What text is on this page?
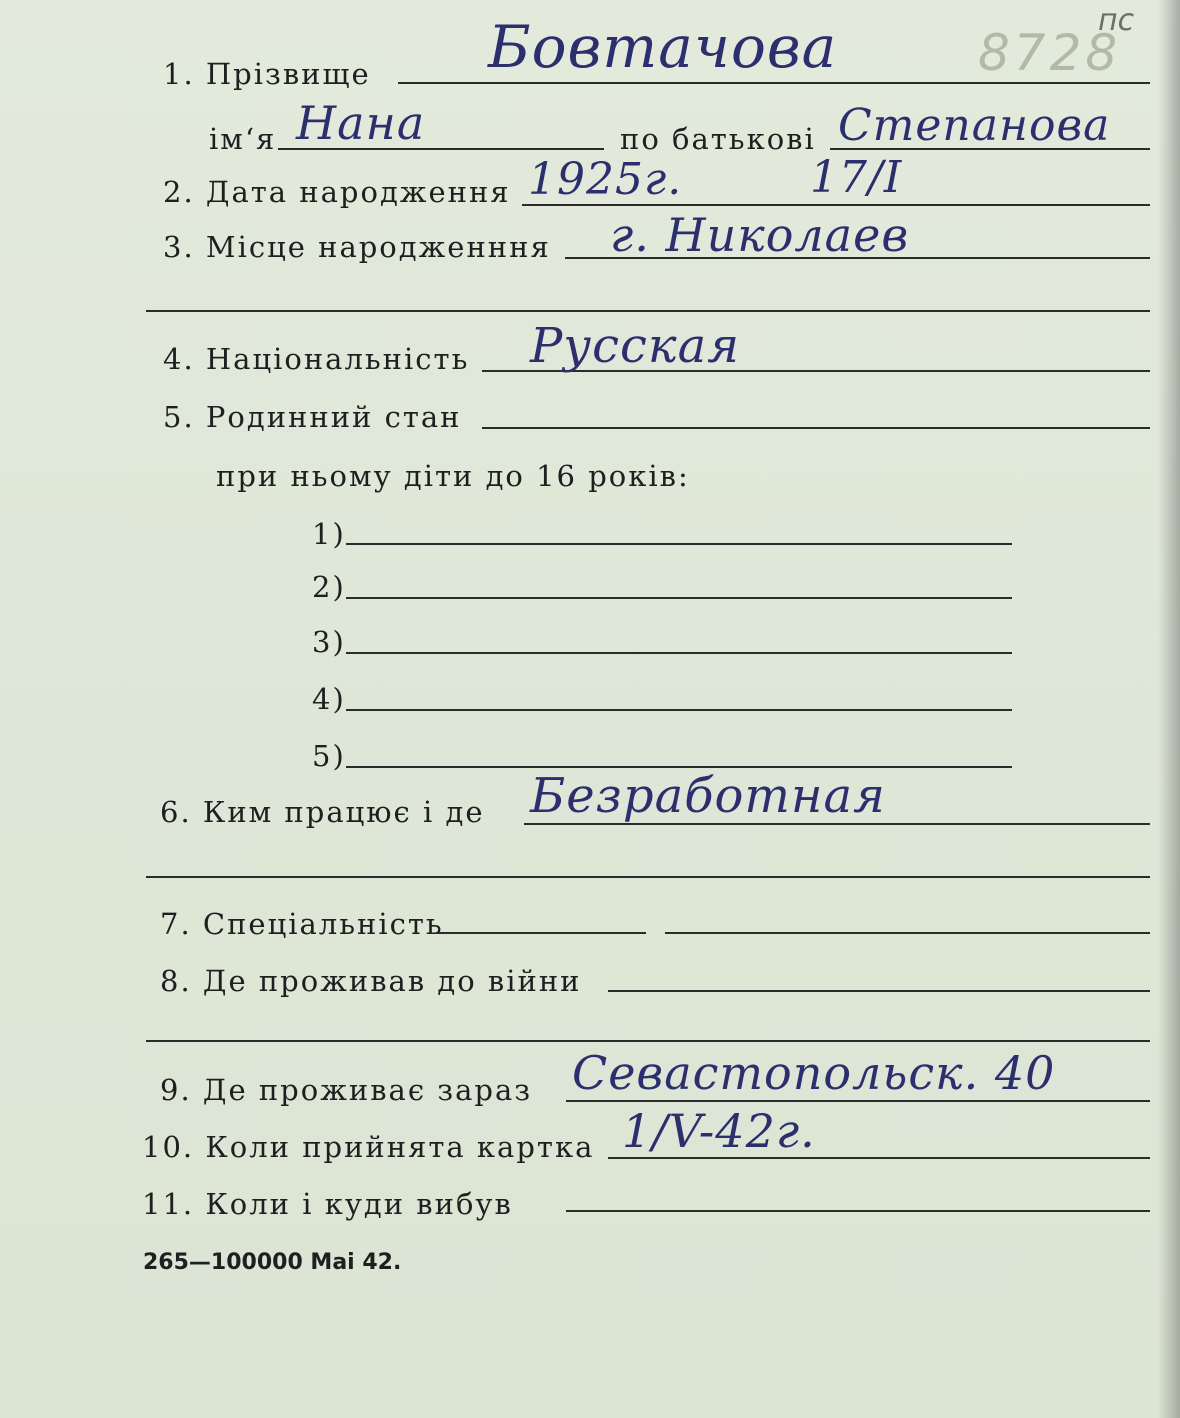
8728
пс
1. Прізвище Бовтачова
ім‘я Нана	по батькові Степанова
2. Дата народження 1925г.	17/I
3. Місце народженння г. Николаев
4. Національність Русская
5. Родинний стан
при ньому діти до 16 років:
1)
2)
3)
4)
5)
6. Ким працює і де Безработная
7. Спеціальність
8. Де проживав до війни
9. Де проживає зараз Севастопольск. 40
10. Коли прийнята картка 1/V-42г.
11. Коли і куди вибув
265—100000 Mai 42.
